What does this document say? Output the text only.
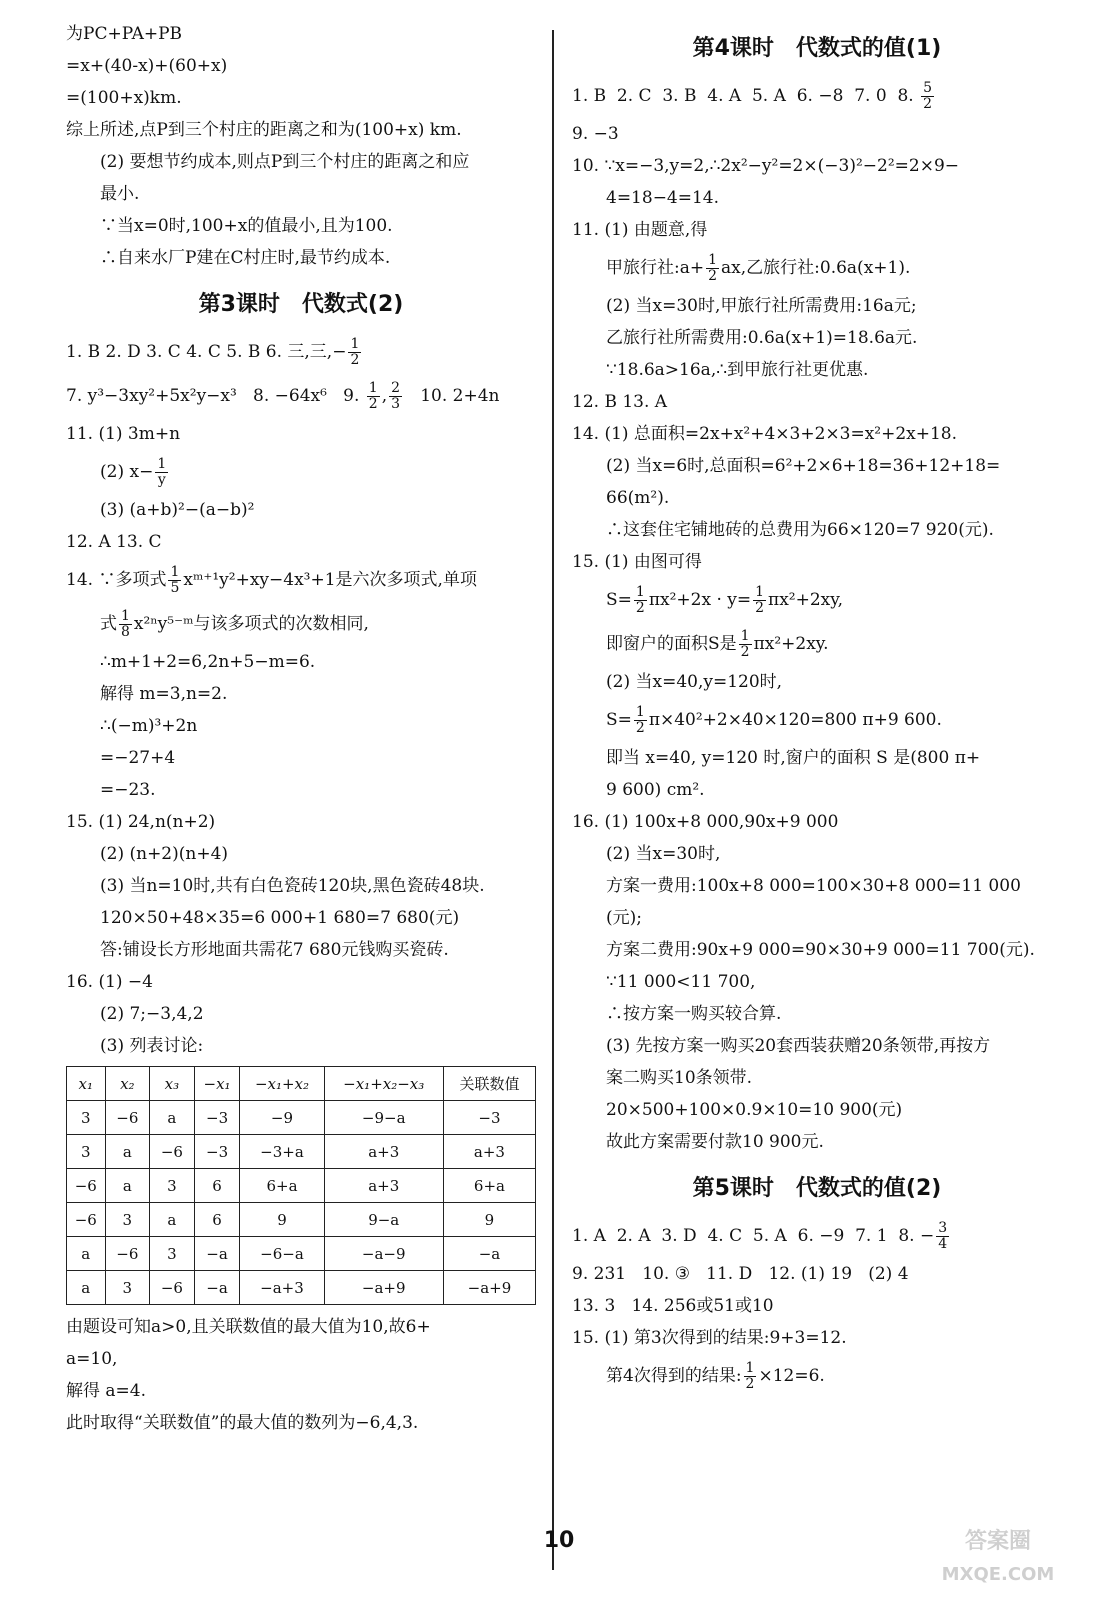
为PC+PA+PB
=x+(40-x)+(60+x)
=(100+x)km.
综上所述,点P到三个村庄的距离之和为(100+x) km.
(2) 要想节约成本,则点P到三个村庄的距离之和应
最小.
∵当x=0时,100+x的值最小,且为100.
∴自来水厂P建在C村庄时,最节约成本.
第3课时　代数式(2)
1. B 2. D 3. C 4. C 5. B 6. 三,三,− $\frac{1}{2}$
7. y³−3xy²+5x²y−x³   8. −64x⁶   9. $\frac{1}{2}$ , $\frac{2}{3} 10$. 2+4n
11. (1) 3m+n
(2) $x- \frac{1}{y}$
(3) (a+b)²−(a−b)²
12. A 13. C
14. ∵多项式 $\frac{1}{5}$ xᵐ⁺¹y²+xy−4x³+1是六次多项式,单项
式 $\frac{1}{8}$ x²ⁿy⁵⁻ᵐ与该多项式的次数相同,
∴m+1+2=6,2n+5−m=6.
解得 m=3,n=2.
∴(−m)³+2n
=−27+4
=−23.
15. (1) 24,n(n+2)
(2) (n+2)(n+4)
(3) 当n=10时,共有白色瓷砖120块,黑色瓷砖48块.
120×50+48×35=6 000+1 680=7 680(元)
答:铺设长方形地面共需花7 680元钱购买瓷砖.
16. (1) −4
(2) 7;−3,4,2
(3) 列表讨论:
x₁	x₂	x₃	−x₁	−x₁+x₂	−x₁+x₂−x₃	关联数值
3	−6	a	−3	−9	−9−a	−3
3	a	−6	−3	−3+a	a+3	a+3
−6	a	3	6	6+a	a+3	6+a
−6	3	a	6	9	9−a	9
a	−6	3	−a	−6−a	−a−9	−a
a	3	−6	−a	−a+3	−a+9	−a+9
由题设可知a>0,且关联数值的最大值为10,故6+
a=10,
解得 a=4.
此时取得“关联数值”的最大值的数列为−6,4,3.
第4课时　代数式的值(1)
1. B  2. C  3. B  4. A  5. A  6. −8  7. 0  8. $\frac{5}{2}$
9. −3
10. ∵x=−3,y=2,∴2x²−y²=2×(−3)²−2²=2×9−
4=18−4=14.
11. (1) 由题意,得
甲旅行社:a+ $\frac{1}{2}$ ax,乙旅行社:0.6a(x+1).
(2) 当x=30时,甲旅行社所需费用:16a元;
乙旅行社所需费用:0.6a(x+1)=18.6a元.
∵18.6a>16a,∴到甲旅行社更优惠.
12. B 13. A
14. (1) 总面积=2x+x²+4×3+2×3=x²+2x+18.
(2) 当x=6时,总面积=6²+2×6+18=36+12+18=
66(m²).
∴这套住宅铺地砖的总费用为66×120=7 920(元).
15. (1) 由图可得
$S= \frac{1}{2} \pi x^2+2x \cdot y= \frac{1}{2} \pi x^2+2xy$,
即窗户的面积S是 $\frac{1}{2} \pi x^2+2xy$.
(2) 当x=40,y=120时,
$S= \frac{1}{2} \pi\times 40^2+2\times 40\times 120=800$ π+9 600.
即当 x=40, y=120 时,窗户的面积 S 是(800 π+
9 600) cm².
16. (1) 100x+8 000,90x+9 000
(2) 当x=30时,
方案一费用:100x+8 000=100×30+8 000=11 000
(元);
方案二费用:90x+9 000=90×30+9 000=11 700(元).
∵11 000<11 700,
∴按方案一购买较合算.
(3) 先按方案一购买20套西装获赠20条领带,再按方
案二购买10条领带.
20×500+100×0.9×10=10 900(元)
故此方案需要付款10 900元.
第5课时　代数式的值(2)
1. A  2. A  3. D  4. C  5. A  6. −9  7. 1  8. − $\frac{3}{4}$
9. 231   10. ③   11. D   12. (1) 19   (2) 4
13. 3   14. 256或51或10
15. (1) 第3次得到的结果:9+3=12.
第4次得到的结果: $\frac{1}{2} \times 12=6$.
10	答案圈
MXQE.COM
